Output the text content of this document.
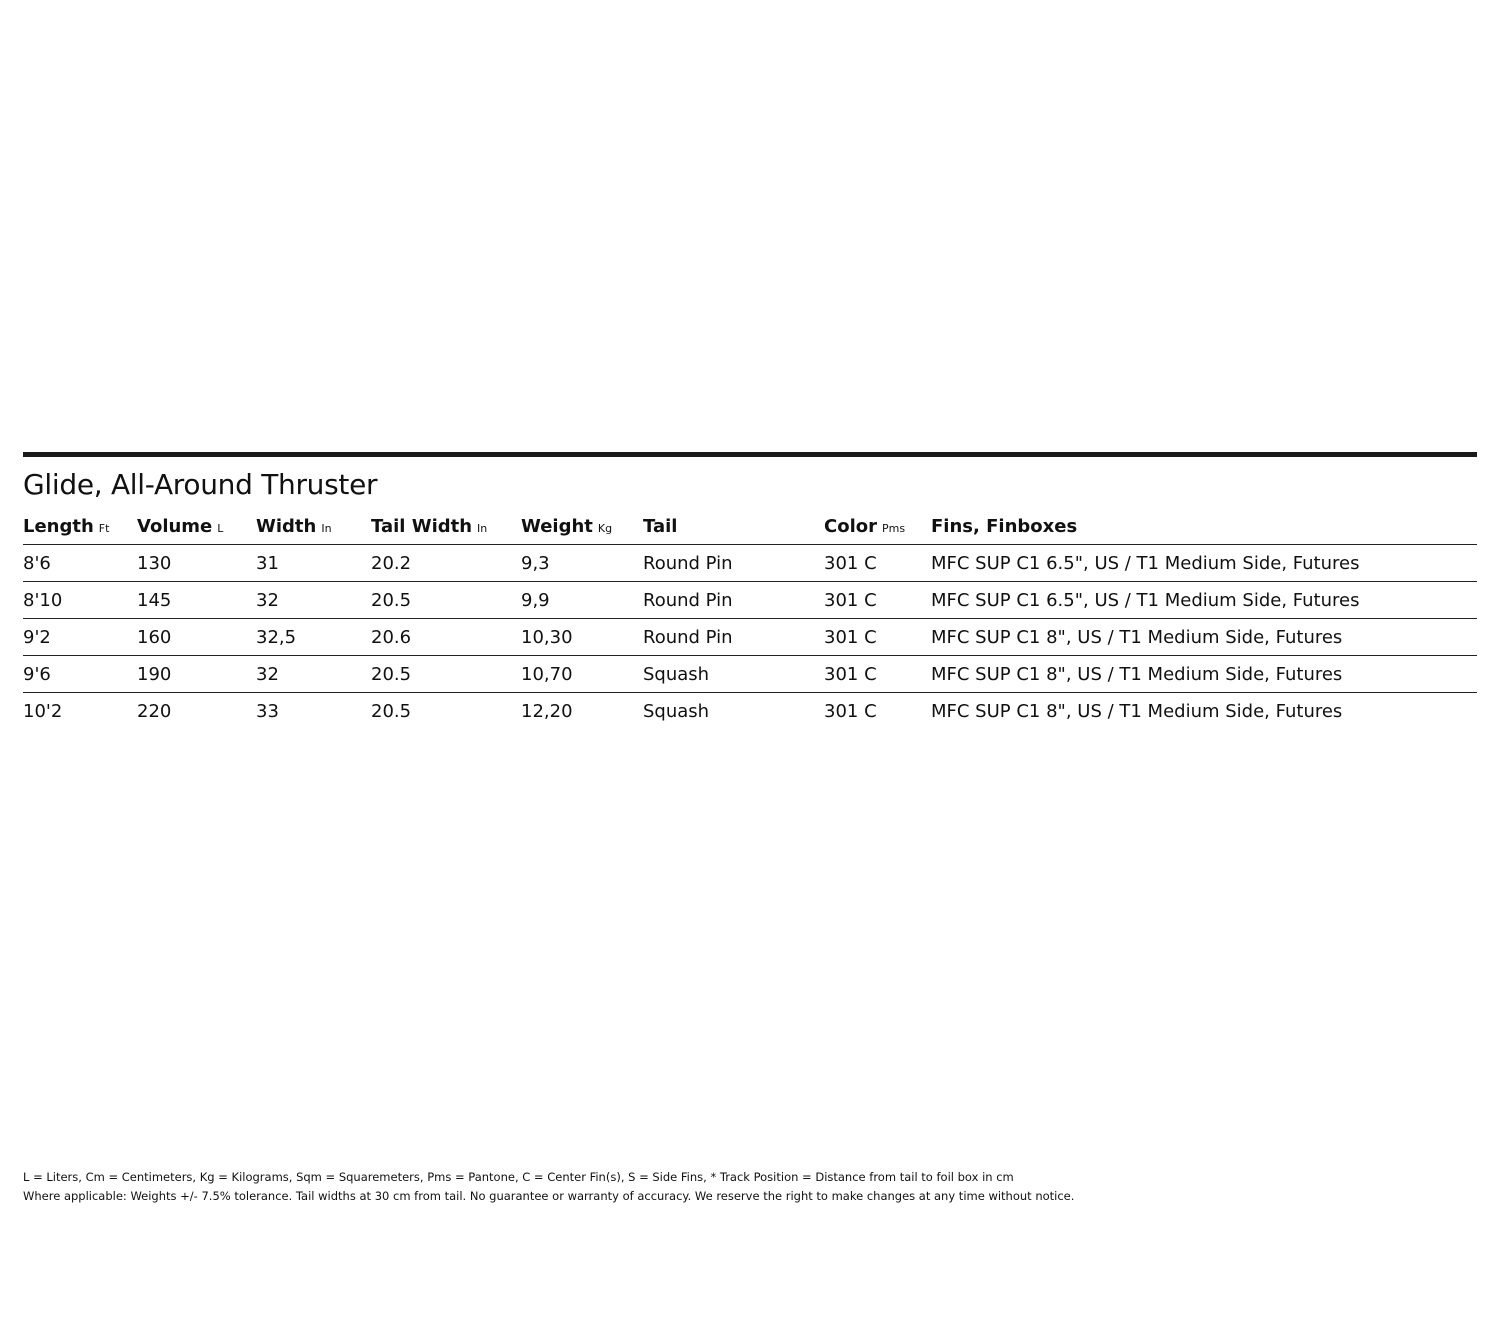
Glide, All-Around Thruster
Length Ft	Volume L	Width In	Tail Width In	Weight Kg	Tail	Color Pms	Fins, Finboxes
8'6	130	31	20.2	9,3	Round Pin	301 C	MFC SUP C1 6.5", US / T1 Medium Side, Futures
8'10	145	32	20.5	9,9	Round Pin	301 C	MFC SUP C1 6.5", US / T1 Medium Side, Futures
9'2	160	32,5	20.6	10,30	Round Pin	301 C	MFC SUP C1 8", US / T1 Medium Side, Futures
9'6	190	32	20.5	10,70	Squash	301 C	MFC SUP C1 8", US / T1 Medium Side, Futures
10'2	220	33	20.5	12,20	Squash	301 C	MFC SUP C1 8", US / T1 Medium Side, Futures

L = Liters, Cm = Centimeters, Kg = Kilograms, Sqm = Squaremeters, Pms = Pantone, C = Center Fin(s), S = Side Fins, * Track Position = Distance from tail to foil box in cm

Where applicable: Weights +/- 7.5% tolerance. Tail widths at 30 cm from tail. No guarantee or warranty of accuracy. We reserve the right to make changes at any time without notice.
